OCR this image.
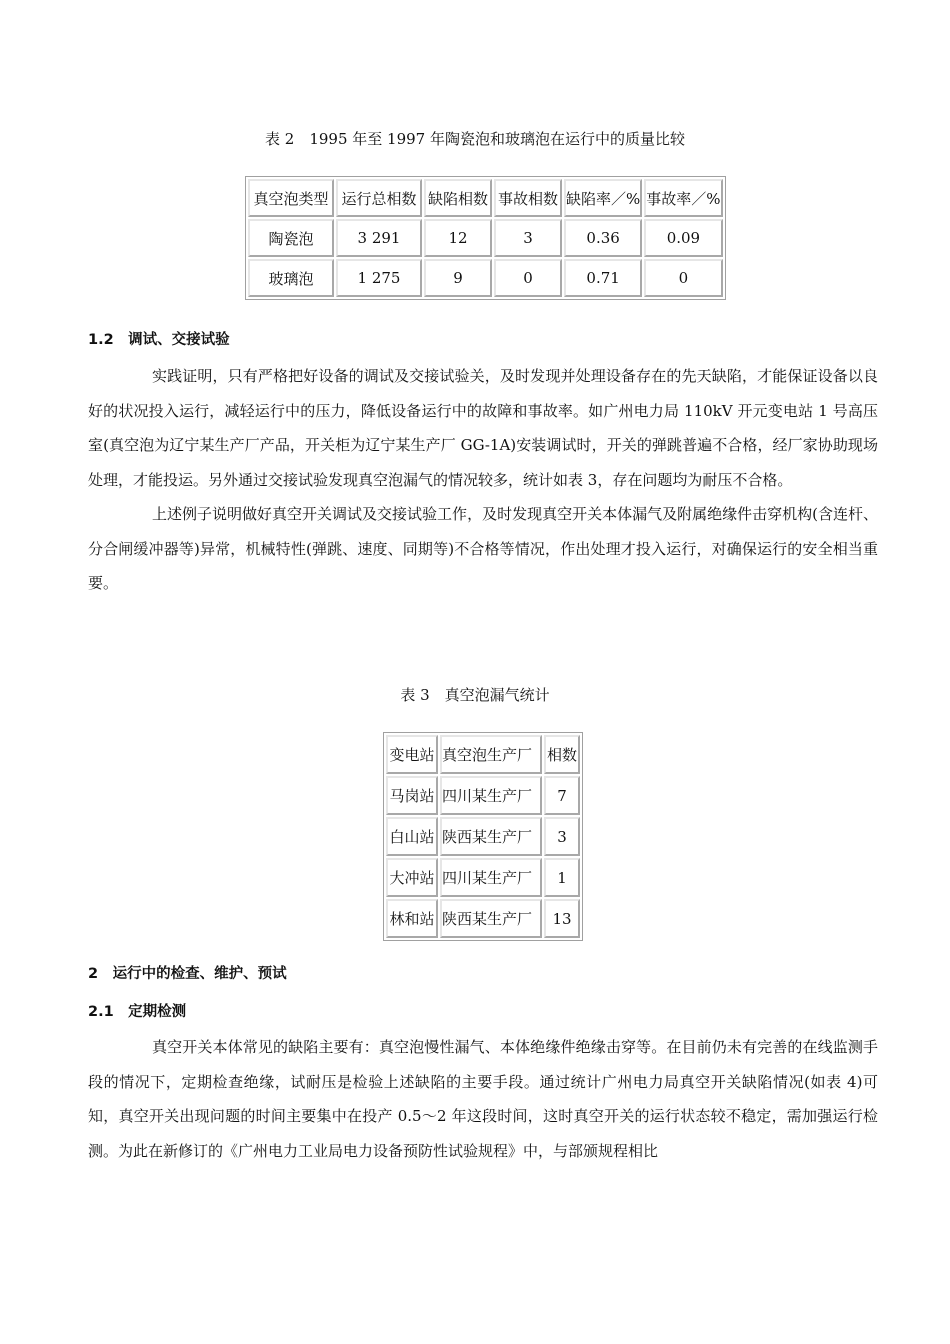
表 2　1995 年至 1997 年陶瓷泡和玻璃泡在运行中的质量比较
真空泡类型	运行总相数	缺陷相数	事故相数	缺陷率／%	事故率／%
陶瓷泡	3 291	12	3	0.36	0.09
玻璃泡	1 275	9	0	0.71	0
1.2　调试、交接试验

实践证明，只有严格把好设备的调试及交接试验关，及时发现并处理设备存在的先天缺陷，才能保证设备以良好的状况投入运行，减轻运行中的压力，降低设备运行中的故障和事故率。如广州电力局 110kV 开元变电站 1 号高压室(真空泡为辽宁某生产厂产品，开关柜为辽宁某生产厂 GG-1A)安装调试时，开关的弹跳普遍不合格，经厂家协助现场处理，才能投运。另外通过交接试验发现真空泡漏气的情况较多，统计如表 3，存在问题均为耐压不合格。

上述例子说明做好真空开关调试及交接试验工作，及时发现真空开关本体漏气及附属绝缘件击穿机构(含连杆、分合闸缓冲器等)异常，机械特性(弹跳、速度、同期等)不合格等情况，作出处理才投入运行，对确保运行的安全相当重要。

表 3　真空泡漏气统计
变电站	真空泡生产厂	相数
马岗站	四川某生产厂	7
白山站	陕西某生产厂	3
大冲站	四川某生产厂	1
林和站	陕西某生产厂	13
2　运行中的检查、维护、预试
2.1　定期检测

真空开关本体常见的缺陷主要有：真空泡慢性漏气、本体绝缘件绝缘击穿等。在目前仍未有完善的在线监测手段的情况下，定期检查绝缘，试耐压是检验上述缺陷的主要手段。通过统计广州电力局真空开关缺陷情况(如表 4)可知，真空开关出现问题的时间主要集中在投产 0.5～2 年这段时间，这时真空开关的运行状态较不稳定，需加强运行检测。为此在新修订的《广州电力工业局电力设备预防性试验规程》中，与部颁规程相比
